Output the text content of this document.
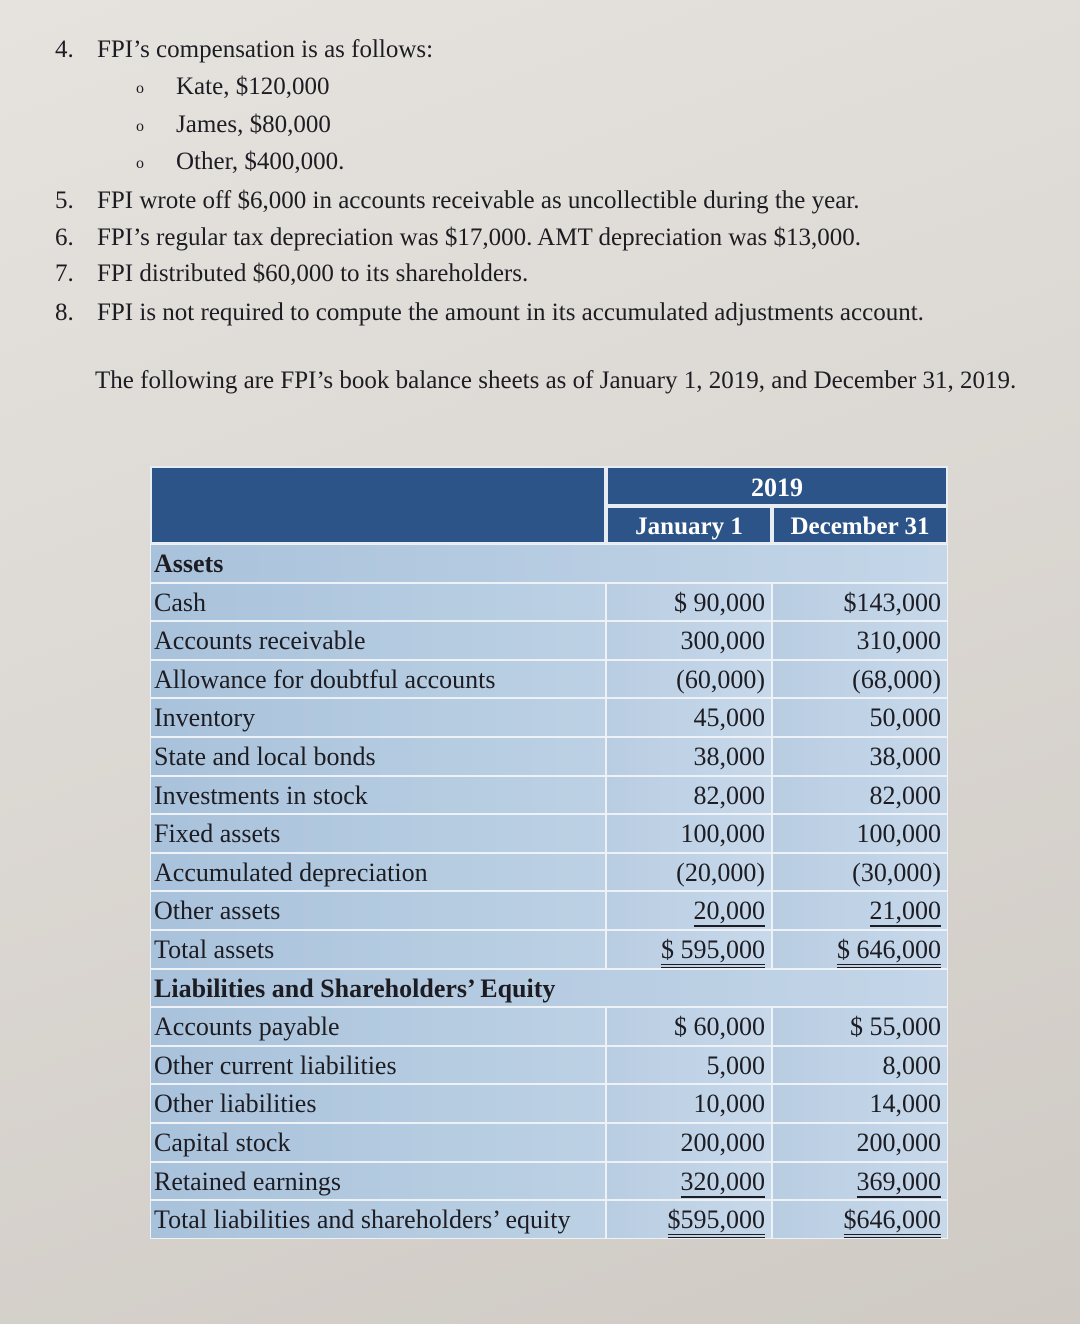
4. FPI’s compensation is as follows:
o Kate, $120,000
o James, $80,000
o Other, $400,000.
5. FPI wrote off $6,000 in accounts receivable as uncollectible during the year.
6. FPI’s regular tax depreciation was $17,000. AMT depreciation was $13,000.
7. FPI distributed $60,000 to its shareholders.
8. FPI is not required to compute the amount in its accumulated adjustments account.
The following are FPI’s book balance sheets as of January 1, 2019, and December 31, 2019.
2019
January 1	December 31
Assets
Cash	$ 90,000	$143,000
Accounts receivable	300,000	310,000
Allowance for doubtful accounts	(60,000)	(68,000)
Inventory	45,000	50,000
State and local bonds	38,000	38,000
Investments in stock	82,000	82,000
Fixed assets	100,000	100,000
Accumulated depreciation	(20,000)	(30,000)
Other assets	20,000	21,000
Total assets	$ 595,000	$ 646,000
Liabilities and Shareholders’ Equity
Accounts payable	$ 60,000	$ 55,000
Other current liabilities	5,000	8,000
Other liabilities	10,000	14,000
Capital stock	200,000	200,000
Retained earnings	320,000	369,000
Total liabilities and shareholders’ equity	$595,000	$646,000
